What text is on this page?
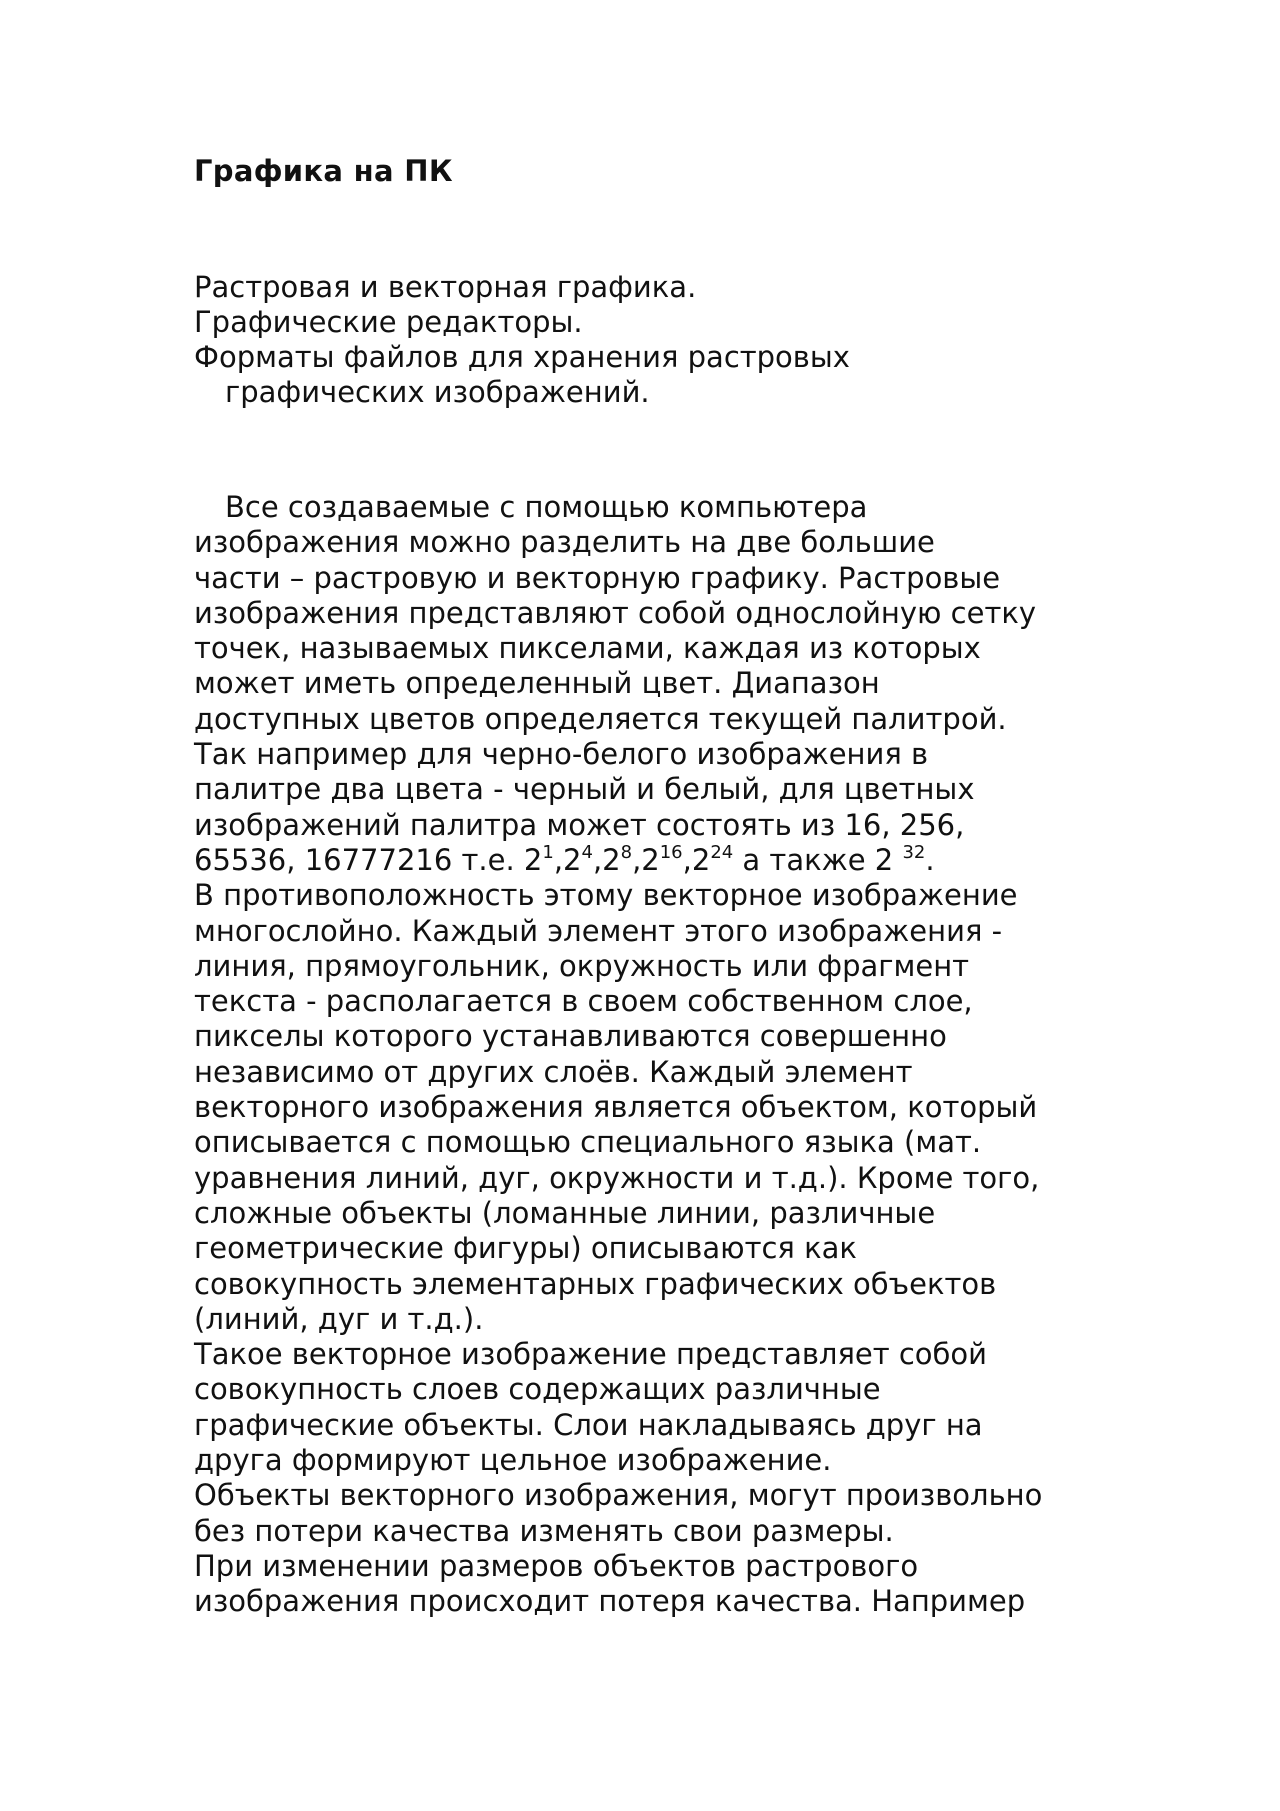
Графика на ПК
Растровая и векторная графика.
Графические редакторы.
Форматы файлов для хранения растровых
графических изображений.
Все создаваемые с помощью компьютера
изображения можно разделить на две большие
части – растровую и векторную графику. Растровые
изображения представляют собой однослойную сетку
точек, называемых пикселами, каждая из которых
может иметь определенный цвет. Диапазон
доступных цветов определяется текущей палитрой.
Так например для черно-белого изображения в
палитре два цвета - черный и белый, для цветных
изображений палитра может состоять из 16, 256,
65536, 16777216 т.е. $2^1,2^4,2^8,2^{16},2^{24}$ а также 2 $^{32}$.
В противоположность этому векторное изображение
многослойно. Каждый элемент этого изображения -
линия, прямоугольник, окружность или фрагмент
текста - располагается в своем собственном слое,
пикселы которого устанавливаются совершенно
независимо от других слоёв. Каждый элемент
векторного изображения является объектом, который
описывается с помощью специального языка (мат.
уравнения линий, дуг, окружности и т.д.). Кроме того,
сложные объекты (ломанные линии, различные
геометрические фигуры) описываются как
совокупность элементарных графических объектов
(линий, дуг и т.д.).
Такое векторное изображение представляет собой
совокупность слоев содержащих различные
графические объекты. Слои накладываясь друг на
друга формируют цельное изображение.
Объекты векторного изображения, могут произвольно
без потери качества изменять свои размеры.
При изменении размеров объектов растрового
изображения происходит потеря качества. Например
